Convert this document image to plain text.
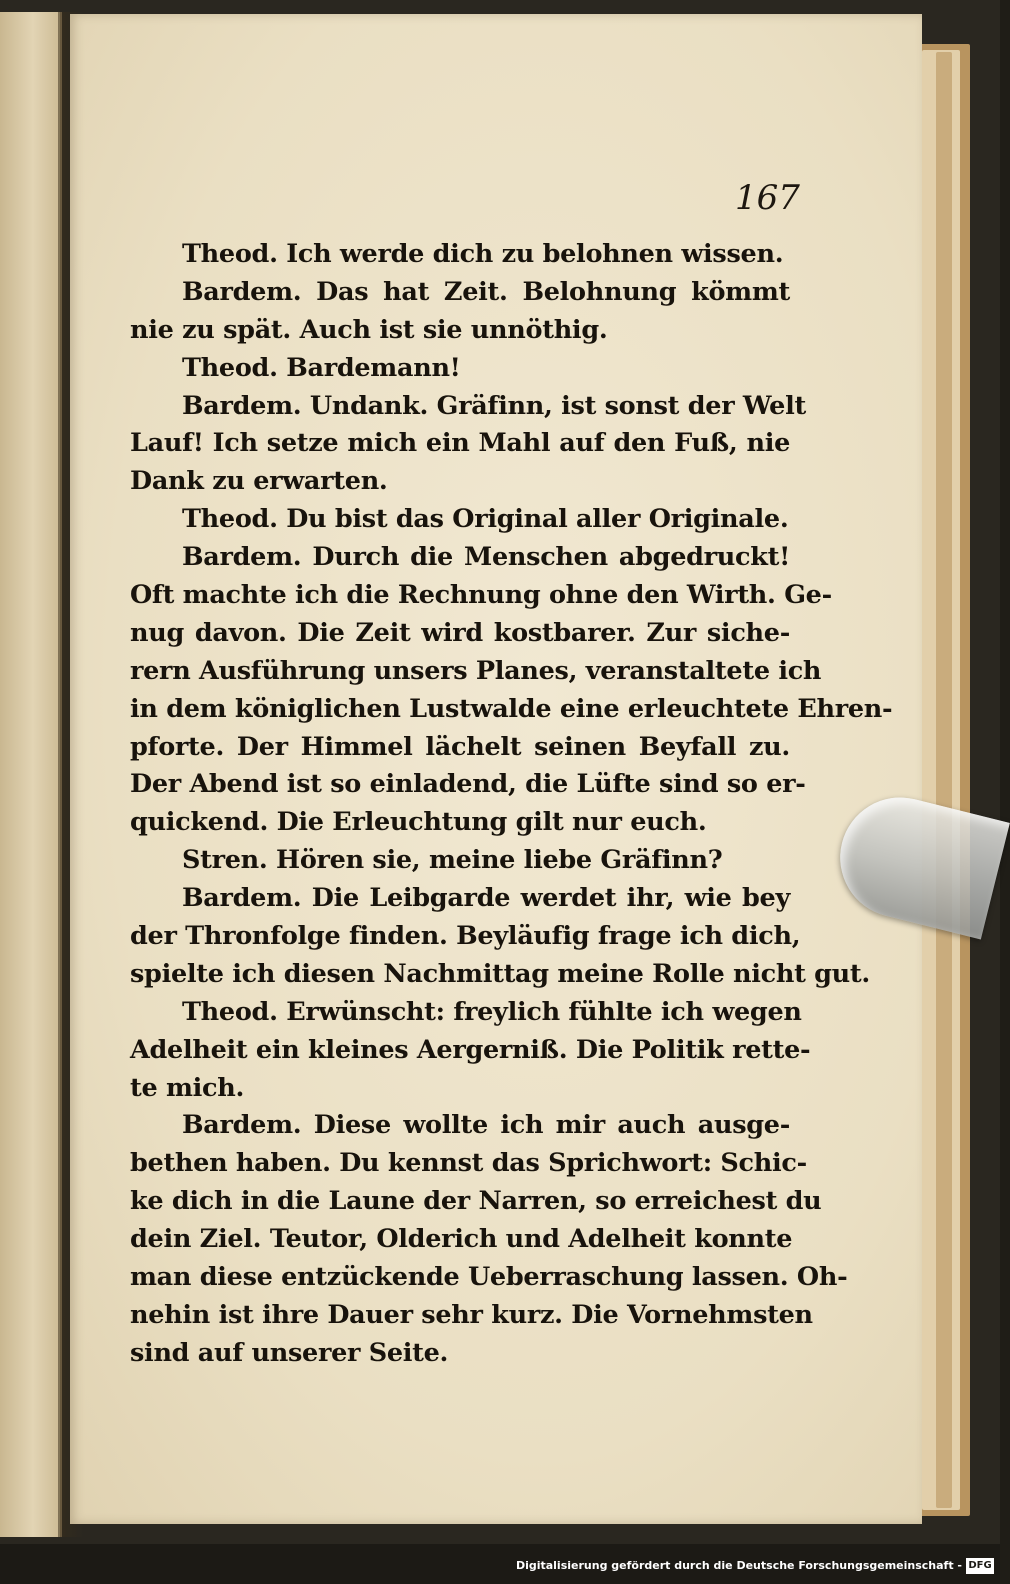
167

Theod. Ich werde dich zu belohnen wissen.
Bardem. Das hat Zeit. Belohnung kömmt
nie zu spät. Auch ist sie unnöthig.
Theod. Bardemann!
Bardem. Undank. Gräfinn, ist sonst der Welt
Lauf! Ich setze mich ein Mahl auf den Fuß, nie
Dank zu erwarten.
Theod. Du bist das Original aller Originale.
Bardem. Durch die Menschen abgedruckt!
Oft machte ich die Rechnung ohne den Wirth. Ge-
nug davon. Die Zeit wird kostbarer. Zur siche-
rern Ausführung unsers Planes, veranstaltete ich
in dem königlichen Lustwalde eine erleuchtete Ehren-
pforte. Der Himmel lächelt seinen Beyfall zu.
Der Abend ist so einladend, die Lüfte sind so er-
quickend. Die Erleuchtung gilt nur euch.
Stren. Hören sie, meine liebe Gräfinn?
Bardem. Die Leibgarde werdet ihr, wie bey
der Thronfolge finden. Beyläufig frage ich dich,
spielte ich diesen Nachmittag meine Rolle nicht gut.
Theod. Erwünscht: freylich fühlte ich wegen
Adelheit ein kleines Aergerniß. Die Politik rette-
te mich.
Bardem. Diese wollte ich mir auch ausge-
bethen haben. Du kennst das Sprichwort: Schic-
ke dich in die Laune der Narren, so erreichest du
dein Ziel. Teutor, Olderich und Adelheit konnte
man diese entzückende Ueberraschung lassen. Oh-
nehin ist ihre Dauer sehr kurz. Die Vornehmsten
sind auf unserer Seite.

Digitalisierung gefördert durch die Deutsche Forschungsgemeinschaft - DFG
